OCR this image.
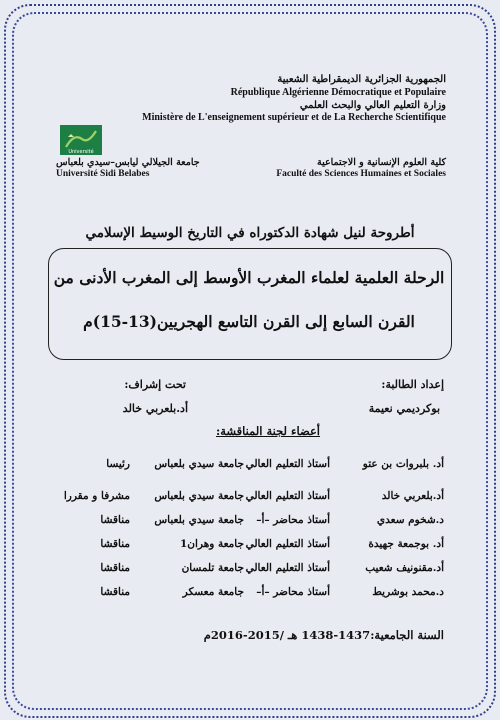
الجمهورية الجزائرية الديمقراطية الشعبية
République Algérienne Démocratique et Populaire
وزارة التعليم العالي والبحث العلمي
Ministère de L'enseignement supérieur et de La Recherche Scientifique
Université
جامعة الجيلالي ليابس–سيدي بلعباس
Université Sidi Belabes
كلية العلوم الإنسانية و الاجتماعية
Faculté des Sciences Humaines et Sociales
أطروحة لنيل شهادة الدكتوراه في التاريخ الوسيط الإسلامي
الرحلة العلمية لعلماء المغرب الأوسط إلى المغرب الأدنى من
القرن السابع إلى القرن التاسع الهجريين(13-15)م
إعداد الطالبة:
تحت إشراف:
بوكرديمي نعيمة
أد.بلعربي خالد
أعضاء لجنة المناقشة:
أد. بلبروات بن عتو
أستاذ التعليم العالي
جامعة سيدي بلعباس
رئيسا
أد.بلعربي خالد
أستاذ التعليم العالي
جامعة سيدي بلعباس
مشرفا و مقررا
د.شخوم سعدي
أستاذ محاضر –أ–
جامعة سيدي بلعباس
مناقشا
أد. بوجمعة جهيدة
أستاذ التعليم العالي
جامعة وهران1
مناقشا
أد.مقنونيف شعيب
أستاذ التعليم العالي
جامعة تلمسان
مناقشا
د.محمد بوشريط
أستاذ محاضر –أ–
جامعة معسكر
مناقشا
السنة الجامعية:1437-1438 هـ /2015-2016م
